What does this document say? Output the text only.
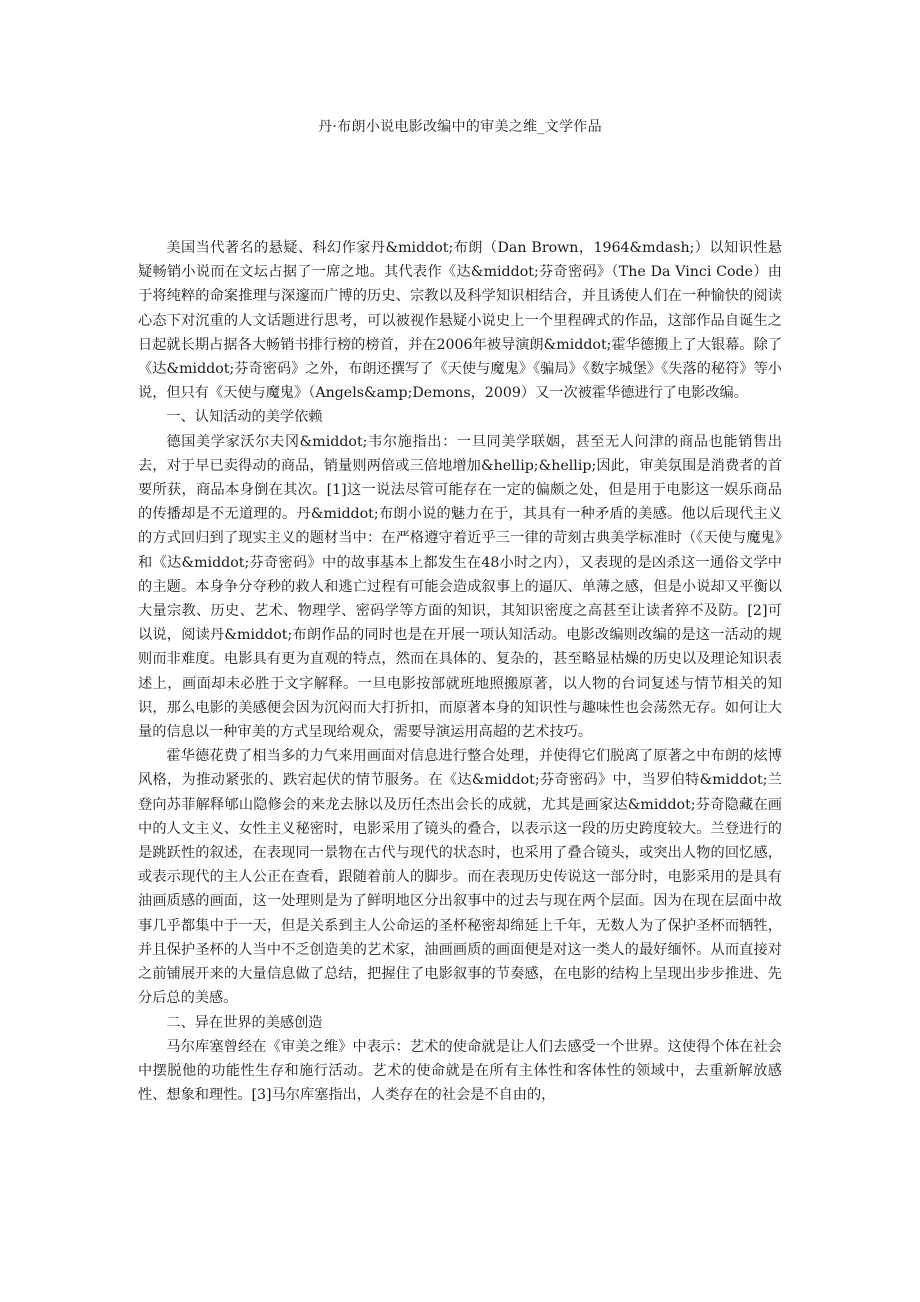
丹·布朗小说电影改编中的审美之维_文学作品

美国当代著名的悬疑、科幻作家丹&middot;布朗（Dan Brown，1964&mdash;）以知识性悬疑畅销小说而在文坛占据了一席之地。其代表作《达&middot;芬奇密码》（The Da Vinci Code）由于将纯粹的命案推理与深邃而广博的历史、宗教以及科学知识相结合，并且诱使人们在一种愉快的阅读心态下对沉重的人文话题进行思考，可以被视作悬疑小说史上一个里程碑式的作品，这部作品自诞生之日起就长期占据各大畅销书排行榜的榜首，并在2006年被导演朗&middot;霍华德搬上了大银幕。除了《达&middot;芬奇密码》之外，布朗还撰写了《天使与魔鬼》《骗局》《数字城堡》《失落的秘符》等小说，但只有《天使与魔鬼》（Angels&amp;Demons，2009）又一次被霍华德进行了电影改编。

一、认知活动的美学依赖

德国美学家沃尔夫冈&middot;韦尔施指出：一旦同美学联姻，甚至无人问津的商品也能销售出去，对于早已卖得动的商品，销量则两倍或三倍地增加&hellip;&hellip;因此，审美氛围是消费者的首要所获，商品本身倒在其次。[1]这一说法尽管可能存在一定的偏颇之处，但是用于电影这一娱乐商品的传播却是不无道理的。丹&middot;布朗小说的魅力在于，其具有一种矛盾的美感。他以后现代主义的方式回归到了现实主义的题材当中：在严格遵守着近乎三一律的苛刻古典美学标准时（《天使与魔鬼》和《达&middot;芬奇密码》中的故事基本上都发生在48小时之内），又表现的是凶杀这一通俗文学中的主题。本身争分夺秒的救人和逃亡过程有可能会造成叙事上的逼仄、单薄之感，但是小说却又平衡以大量宗教、历史、艺术、物理学、密码学等方面的知识，其知识密度之高甚至让读者猝不及防。[2]可以说，阅读丹&middot;布朗作品的同时也是在开展一项认知活动。电影改编则改编的是这一活动的规则而非难度。电影具有更为直观的特点，然而在具体的、复杂的，甚至略显枯燥的历史以及理论知识表述上，画面却未必胜于文字解释。一旦电影按部就班地照搬原著，以人物的台词复述与情节相关的知识，那么电影的美感便会因为沉闷而大打折扣，而原著本身的知识性与趣味性也会荡然无存。如何让大量的信息以一种审美的方式呈现给观众，需要导演运用高超的艺术技巧。

霍华德花费了相当多的力气来用画面对信息进行整合处理，并使得它们脱离了原著之中布朗的炫博风格，为推动紧张的、跌宕起伏的情节服务。在《达&middot;芬奇密码》中，当罗伯特&middot;兰登向苏菲解释郇山隐修会的来龙去脉以及历任杰出会长的成就，尤其是画家达&middot;芬奇隐藏在画中的人文主义、女性主义秘密时，电影采用了镜头的叠合，以表示这一段的历史跨度较大。兰登进行的是跳跃性的叙述，在表现同一景物在古代与现代的状态时，也采用了叠合镜头，或突出人物的回忆感，或表示现代的主人公正在查看，跟随着前人的脚步。而在表现历史传说这一部分时，电影采用的是具有油画质感的画面，这一处理则是为了鲜明地区分出叙事中的过去与现在两个层面。因为在现在层面中故事几乎都集中于一天，但是关系到主人公命运的圣杯秘密却绵延上千年，无数人为了保护圣杯而牺牲，并且保护圣杯的人当中不乏创造美的艺术家，油画画质的画面便是对这一类人的最好缅怀。从而直接对之前铺展开来的大量信息做了总结，把握住了电影叙事的节奏感，在电影的结构上呈现出步步推进、先分后总的美感。

二、异在世界的美感创造

马尔库塞曾经在《审美之维》中表示：艺术的使命就是让人们去感受一个世界。这使得个体在社会中摆脱他的功能性生存和施行活动。艺术的使命就是在所有主体性和客体性的领域中，去重新解放感性、想象和理性。[3]马尔库塞指出，人类存在的社会是不自由的，
